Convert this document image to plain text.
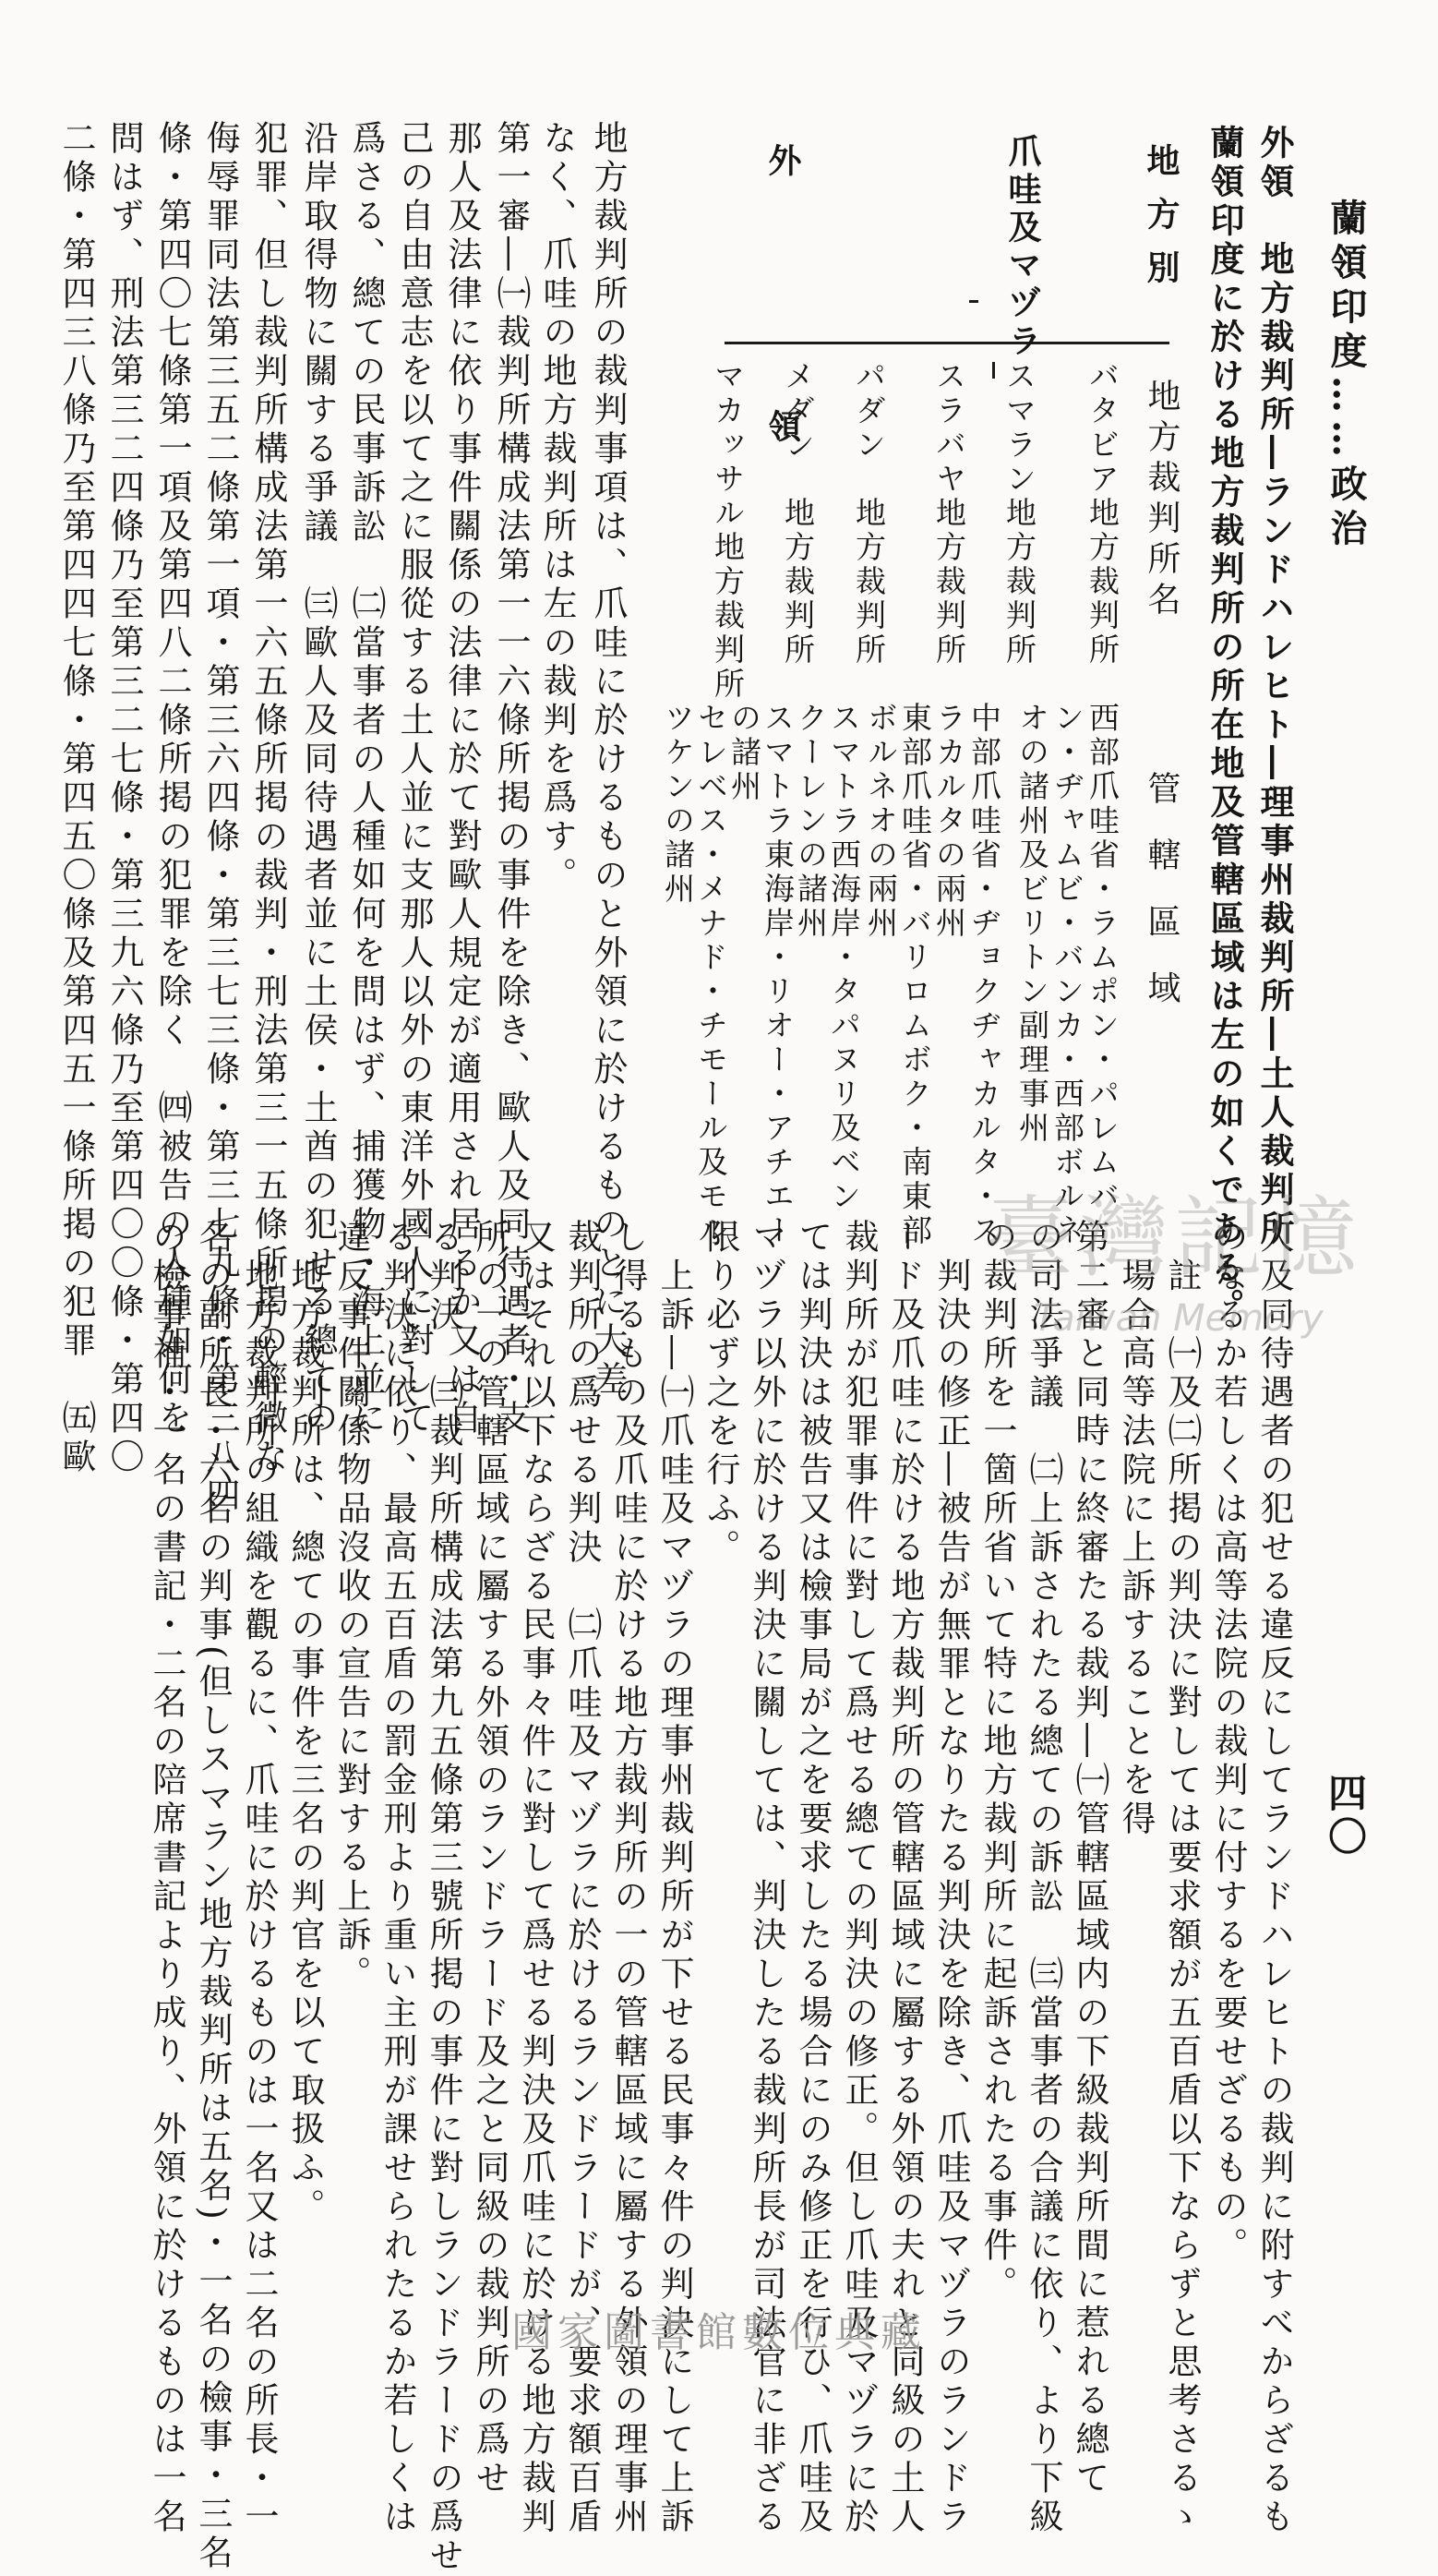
蘭領印度……政治
四〇
外領　地方裁判所―ランドハレヒト―理事州裁判所―土人裁判所
蘭領印度に於ける地方裁判所の所在地及管轄區域は左の如くである。
地方別
地方裁判所名
管轄區域
爪哇及マヅラ
バタビア地方裁判所
西部爪哇省・ラムポン・パレムバ
ン・ヂャムビ・バンカ・西部ボルネ
オの諸州及ビリトン副理事州
スマラン地方裁判所
中部爪哇省・ヂョクヂャカルタ・ス
ラカルタの兩州
スラバヤ地方裁判所
東部爪哇省・バリロムボク・南東部
ボルネオの兩州
外　　領
パダン　地方裁判所
スマトラ西海岸・タパヌリ及ベン
クーレンの諸州
メダン　地方裁判所
スマトラ東海岸・リオー・アチエー
の諸州
マカッサル地方裁判所
セレベス・メナド・チモール及モル
ツケンの諸州
地方裁判所の裁判事項は、爪哇に於けるものと外領に於けるものとに大差
なく、爪哇の地方裁判所は左の裁判を爲す。
第一審―㈠裁判所構成法第一一六條所掲の事件を除き、歐人及同待遇者・支
那人及法律に依り事件關係の法律に於て對歐人規定が適用され居るか又は自
己の自由意志を以て之に服從する土人並に支那人以外の東洋外國人に對して
爲さる、總ての民事訴訟　㈡當事者の人種如何を問はず、捕獲物・海上並に
沿岸取得物に關する爭議　㈢歐人及同待遇者並に土侯・土酋の犯せる總ての
犯罪、但し裁判所構成法第一六五條所掲の裁判・刑法第三一五條所掲の輕微な
侮辱罪同法第三五二條第一項・第三六四條・第三七三條・第三七九條・第三八四
條・第四〇七條第一項及第四八二條所掲の犯罪を除く　㈣被告の人種如何を
問はず、刑法第三二四條乃至第三二七條・第三九六條乃至第四〇〇條・第四〇
二條・第四三八條乃至第四四七條・第四五〇條及第四五一條所掲の犯罪　㈤歐
人及同待遇者の犯せる違反にしてランドハレヒトの裁判に附すべからざるも
のなるか若しくは高等法院の裁判に付するを要せざるもの。
　註　㈠及㈡所掲の判決に對しては要求額が五百盾以下ならずと思考さるゝ
　場合高等法院に上訴することを得
第二審と同時に終審たる裁判―㈠管轄區域内の下級裁判所間に惹れる總て
の司法爭議　㈡上訴されたる總ての訴訟　㈢當事者の合議に依り、より下級
の裁判所を一箇所省いて特に地方裁判所に起訴されたる事件。
　判決の修正―被告が無罪となりたる判決を除き、爪哇及マヅラのランドラ
ード及爪哇に於ける地方裁判所の管轄區域に屬する外領の夫れと同級の土人
裁判所が犯罪事件に對して爲せる總ての判決の修正。但し爪哇及マヅラに於
ては判決は被告又は檢事局が之を要求したる場合にのみ修正を行ひ、爪哇及
マヅラ以外に於ける判決に關しては、判決したる裁判所長が司法官に非ざる
限り必ず之を行ふ。
　上訴―㈠爪哇及マヅラの理事州裁判所が下せる民事々件の判決にして上訴
し得るもの及爪哇に於ける地方裁判所の一の管轄區域に屬する外領の理事州
裁判所の爲せる判決　㈡爪哇及マヅラに於けるランドラードが、要求額百盾
又はそれ以下ならざる民事々件に對して爲せる判決及爪哇に於ける地方裁判
所の一の管轄區域に屬する外領のランドラード及之と同級の裁判所の爲せ
る判決　㈢裁判所構成法第九五條第三號所掲の事件に對しランドラードの爲せ
る判決に依り、最高五百盾の罰金刑より重い主刑が課せられたるか若しくは
違反事件關係物品沒收の宣告に對する上訴。
　地方裁判所は、總ての事件を三名の判官を以て取扱ふ。
　地方裁判所の組織を觀るに、爪哇に於けるものは一名又は二名の所長・一
名の副所長・六名の判事(但しスマラン地方裁判所は五名)・一名の檢事・三名
の檢事補・一名の書記・二名の陪席書記より成り、外領に於けるものは一名	臺灣記憶
Taiwan Memory
國家圖書館數位典藏
